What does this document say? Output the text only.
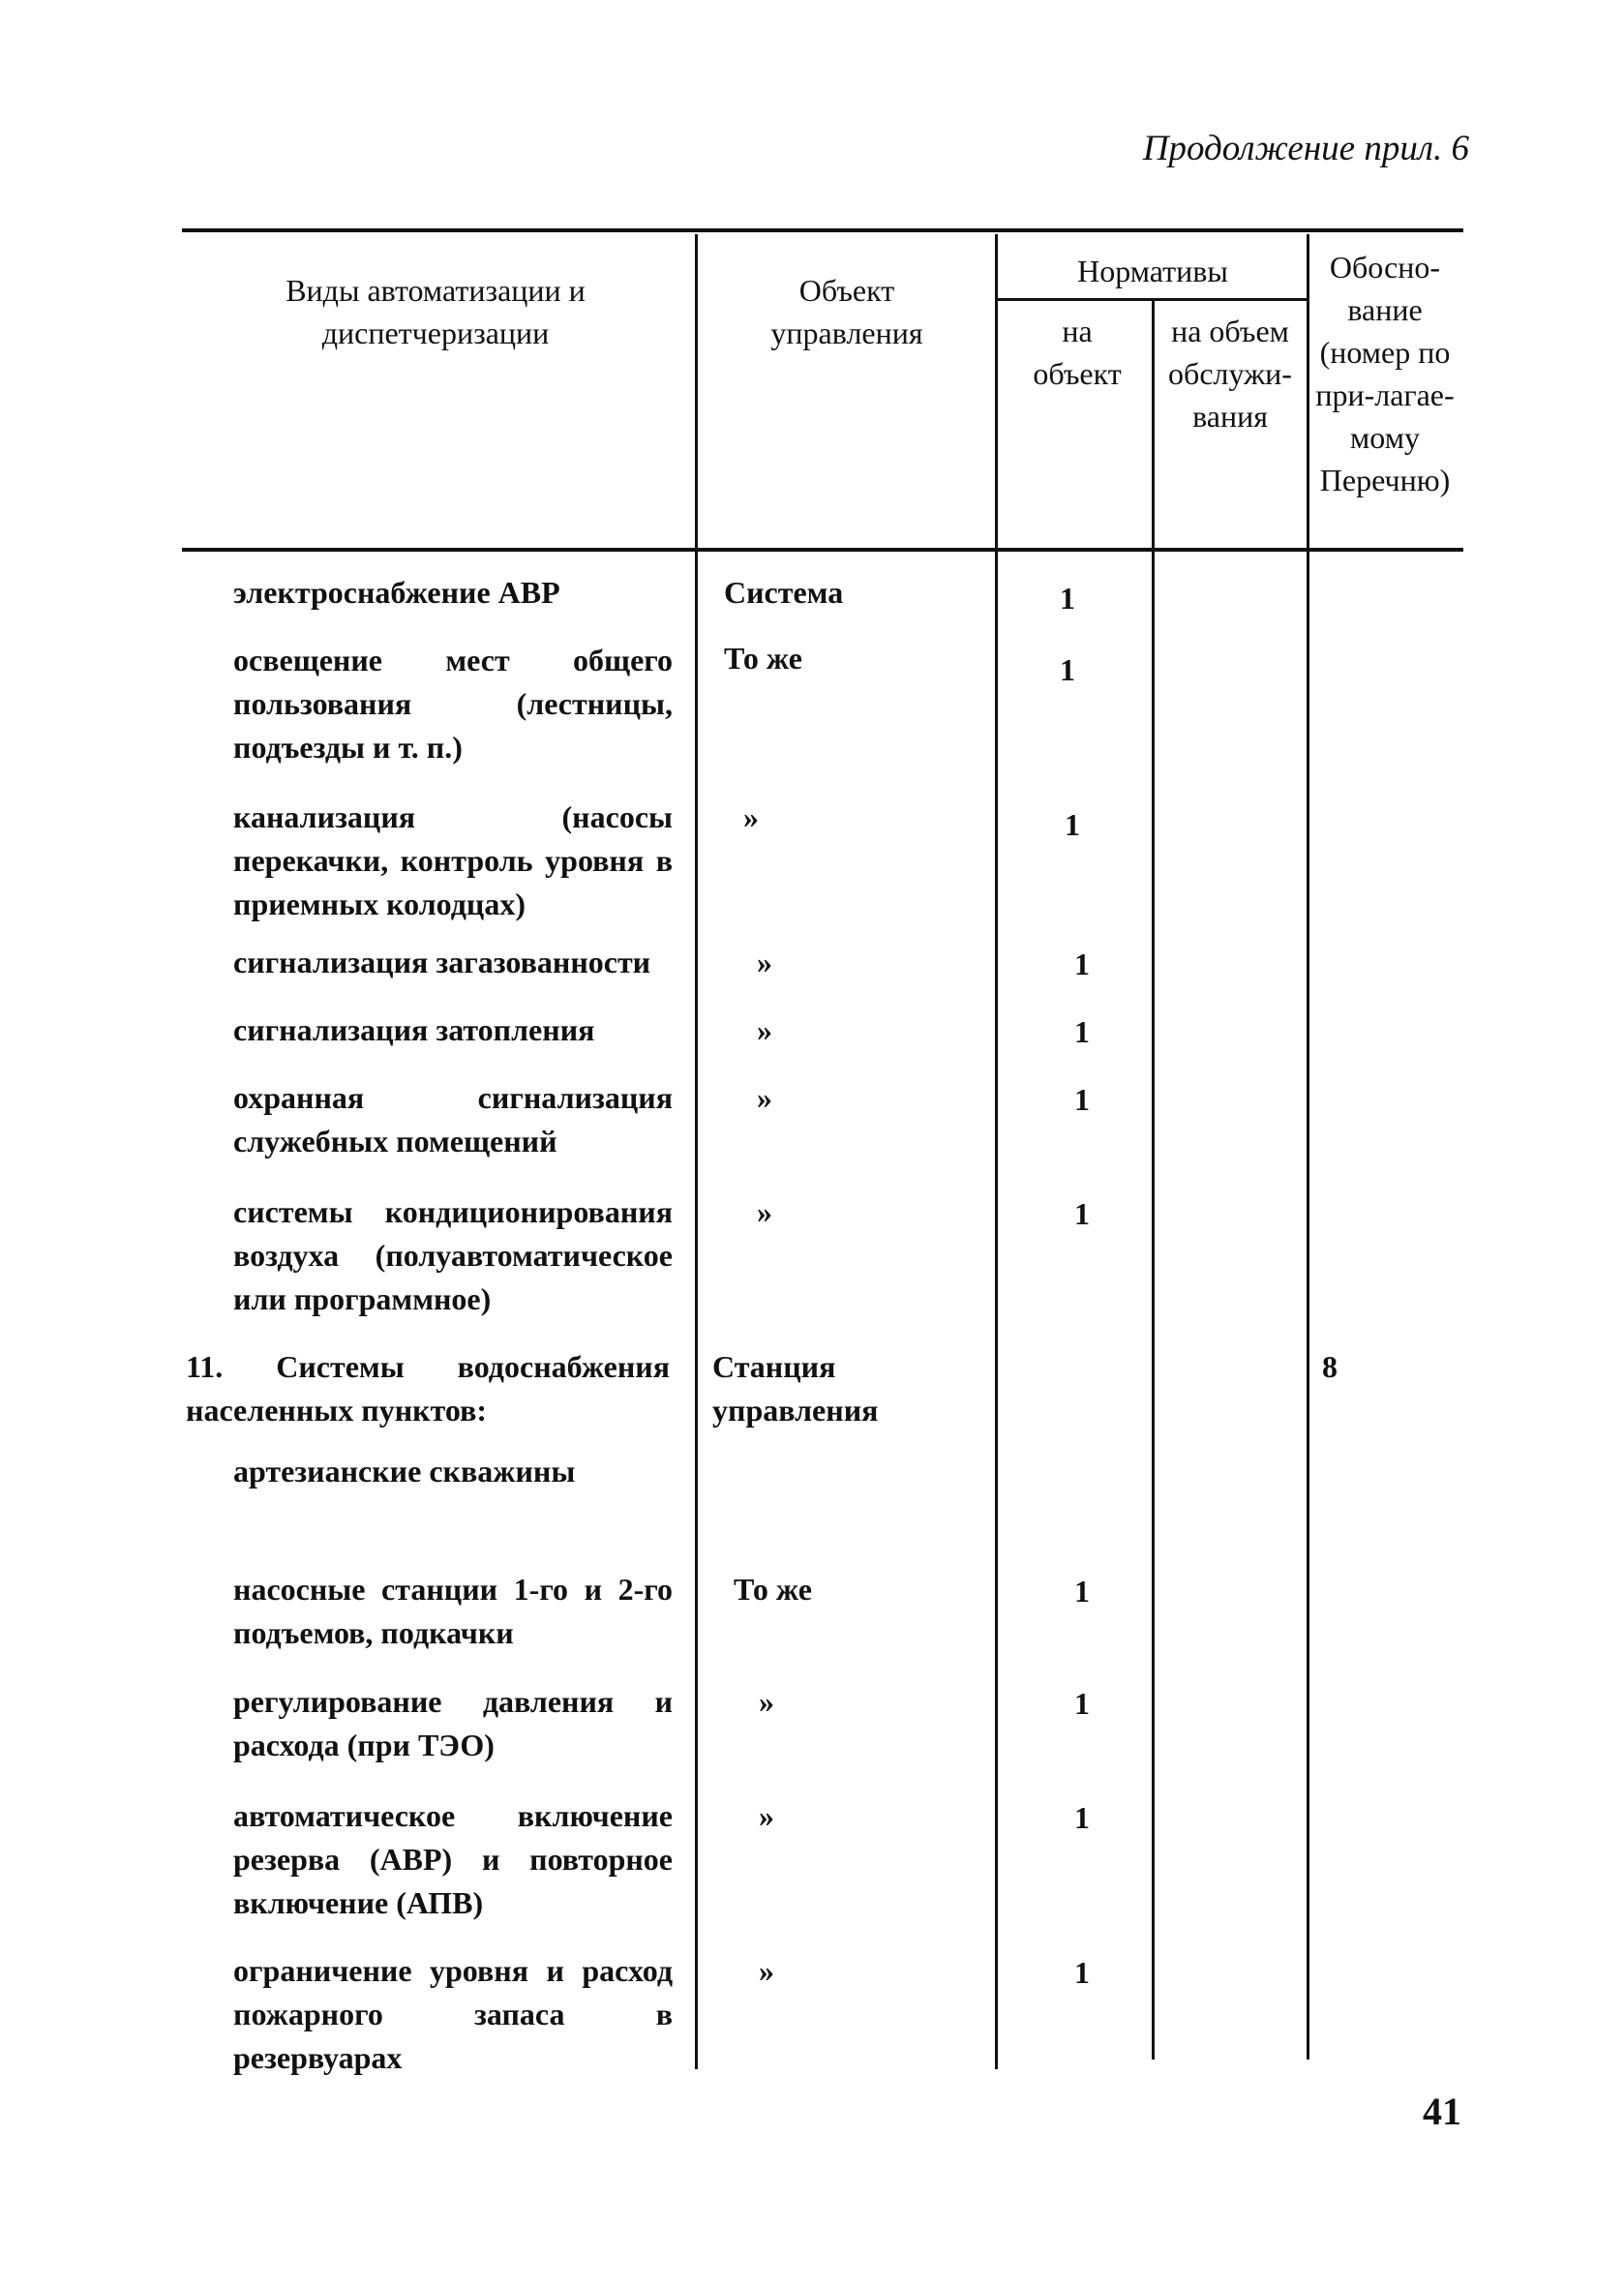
Продолжение прил. 6
Виды автоматизации и диспетчеризации
Объект управления
Нормативы
на объект
на объем обслужи-вания
Обосно-вание (номер по при-лагае-мому Перечню)
электроснабжение АВР
освещение мест общего пользования (лестницы, подъезды и т. п.)
канализация (насосы перекачки, контроль уровня в приемных колодцах)
сигнализация загазованности
сигнализация затопления
охранная сигнализация служебных помещений
системы кондиционирования воздуха (полуавтоматическое или программное)
11. Системы водоснабжения населенных пунктов:
артезианские скважины
насосные станции 1-го и 2-го подъемов, подкачки
регулирование давления и расхода (при ТЭО)
автоматическое включение резерва (АВР) и повторное включение (АПВ)
ограничение уровня и расход пожарного запаса в резервуарах
Система
То же
»
»
»
»
»
Станция управления
То же
»
»
»
1
1
1
1
1
1
1
1
1
1
1
8
41
